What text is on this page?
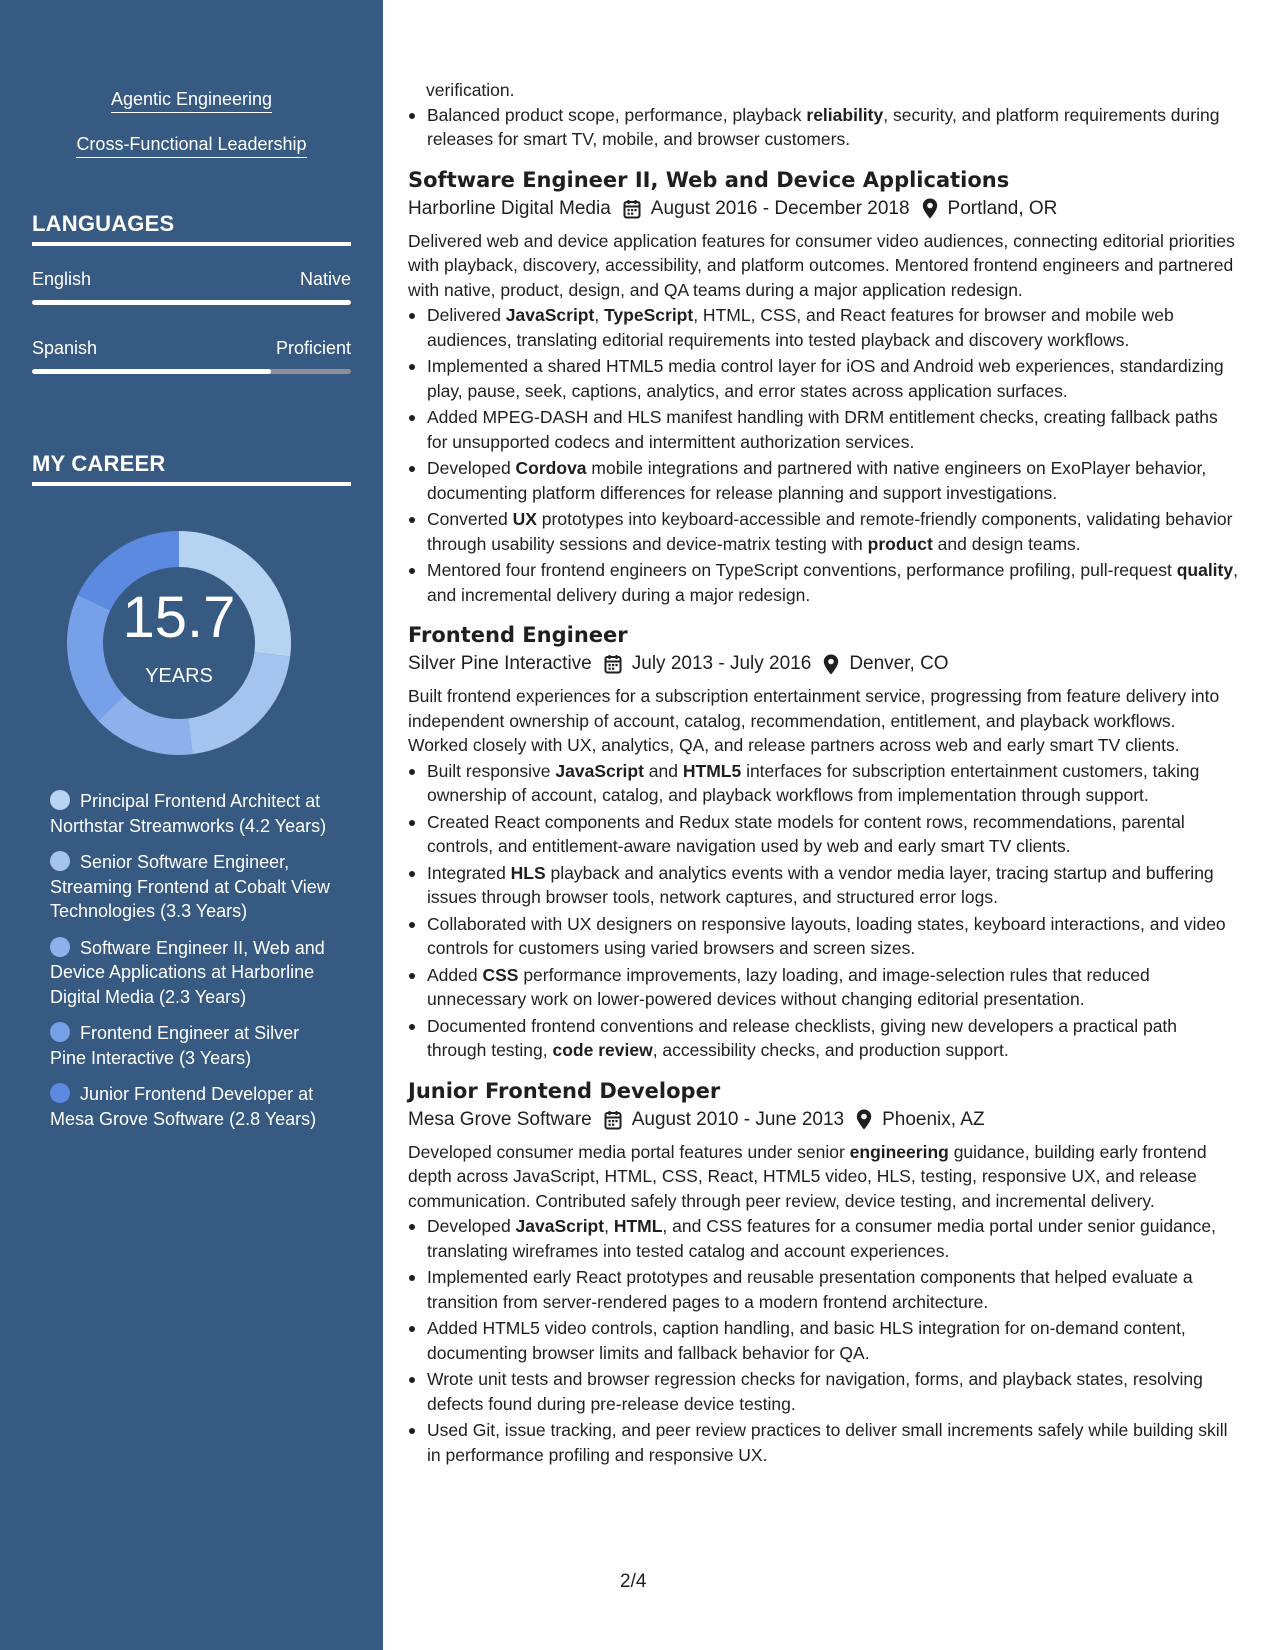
Agentic Engineering
Cross-Functional Leadership
LANGUAGES
English	Native
Spanish	Proficient
MY CAREER
15.7
YEARS
Principal Frontend Architect at Northstar Streamworks (4.2 Years)
Senior Software Engineer, Streaming Frontend at Cobalt View Technologies (3.3 Years)
Software Engineer II, Web and Device Applications at Harborline Digital Media (2.3 Years)
Frontend Engineer at Silver Pine Interactive (3 Years)
Junior Frontend Developer at Mesa Grove Software (2.8 Years)
verification.
Balanced product scope, performance, playback reliability, security, and platform requirements during releases for smart TV, mobile, and browser customers.
Software Engineer II, Web and Device Applications
Harborline Digital Media August 2016 - December 2018 Portland, OR
Delivered web and device application features for consumer video audiences, connecting editorial priorities with playback, discovery, accessibility, and platform outcomes. Mentored frontend engineers and partnered with native, product, design, and QA teams during a major application redesign.
Delivered JavaScript, TypeScript, HTML, CSS, and React features for browser and mobile web audiences, translating editorial requirements into tested playback and discovery workflows.
Implemented a shared HTML5 media control layer for iOS and Android web experiences, standardizing play, pause, seek, captions, analytics, and error states across application surfaces.
Added MPEG-DASH and HLS manifest handling with DRM entitlement checks, creating fallback paths for unsupported codecs and intermittent authorization services.
Developed Cordova mobile integrations and partnered with native engineers on ExoPlayer behavior, documenting platform differences for release planning and support investigations.
Converted UX prototypes into keyboard-accessible and remote-friendly components, validating behavior through usability sessions and device-matrix testing with product and design teams.
Mentored four frontend engineers on TypeScript conventions, performance profiling, pull-request quality, and incremental delivery during a major redesign.
Frontend Engineer
Silver Pine Interactive July 2013 - July 2016 Denver, CO
Built frontend experiences for a subscription entertainment service, progressing from feature delivery into independent ownership of account, catalog, recommendation, entitlement, and playback workflows. Worked closely with UX, analytics, QA, and release partners across web and early smart TV clients.
Built responsive JavaScript and HTML5 interfaces for subscription entertainment customers, taking ownership of account, catalog, and playback workflows from implementation through support.
Created React components and Redux state models for content rows, recommendations, parental controls, and entitlement-aware navigation used by web and early smart TV clients.
Integrated HLS playback and analytics events with a vendor media layer, tracing startup and buffering issues through browser tools, network captures, and structured error logs.
Collaborated with UX designers on responsive layouts, loading states, keyboard interactions, and video controls for customers using varied browsers and screen sizes.
Added CSS performance improvements, lazy loading, and image-selection rules that reduced unnecessary work on lower-powered devices without changing editorial presentation.
Documented frontend conventions and release checklists, giving new developers a practical path through testing, code review, accessibility checks, and production support.
Junior Frontend Developer
Mesa Grove Software August 2010 - June 2013 Phoenix, AZ
Developed consumer media portal features under senior engineering guidance, building early frontend depth across JavaScript, HTML, CSS, React, HTML5 video, HLS, testing, responsive UX, and release communication. Contributed safely through peer review, device testing, and incremental delivery.
Developed JavaScript, HTML, and CSS features for a consumer media portal under senior guidance, translating wireframes into tested catalog and account experiences.
Implemented early React prototypes and reusable presentation components that helped evaluate a transition from server-rendered pages to a modern frontend architecture.
Added HTML5 video controls, caption handling, and basic HLS integration for on-demand content, documenting browser limits and fallback behavior for QA.
Wrote unit tests and browser regression checks for navigation, forms, and playback states, resolving defects found during pre-release device testing.
Used Git, issue tracking, and peer review practices to deliver small increments safely while building skill in performance profiling and responsive UX.
2/4
